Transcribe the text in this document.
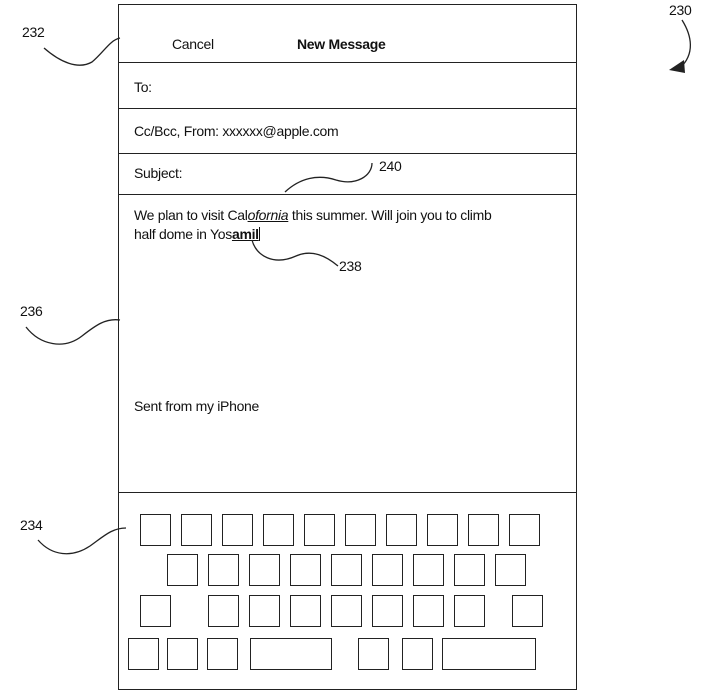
Cancel	New Message
To:
Cc/Bcc, From: xxxxxx@apple.com
Subject:
We plan to visit Calofornia this summer. Will join you to climb
half dome in Yosamil
Sent from my iPhone
230
232
236
234
240
238
